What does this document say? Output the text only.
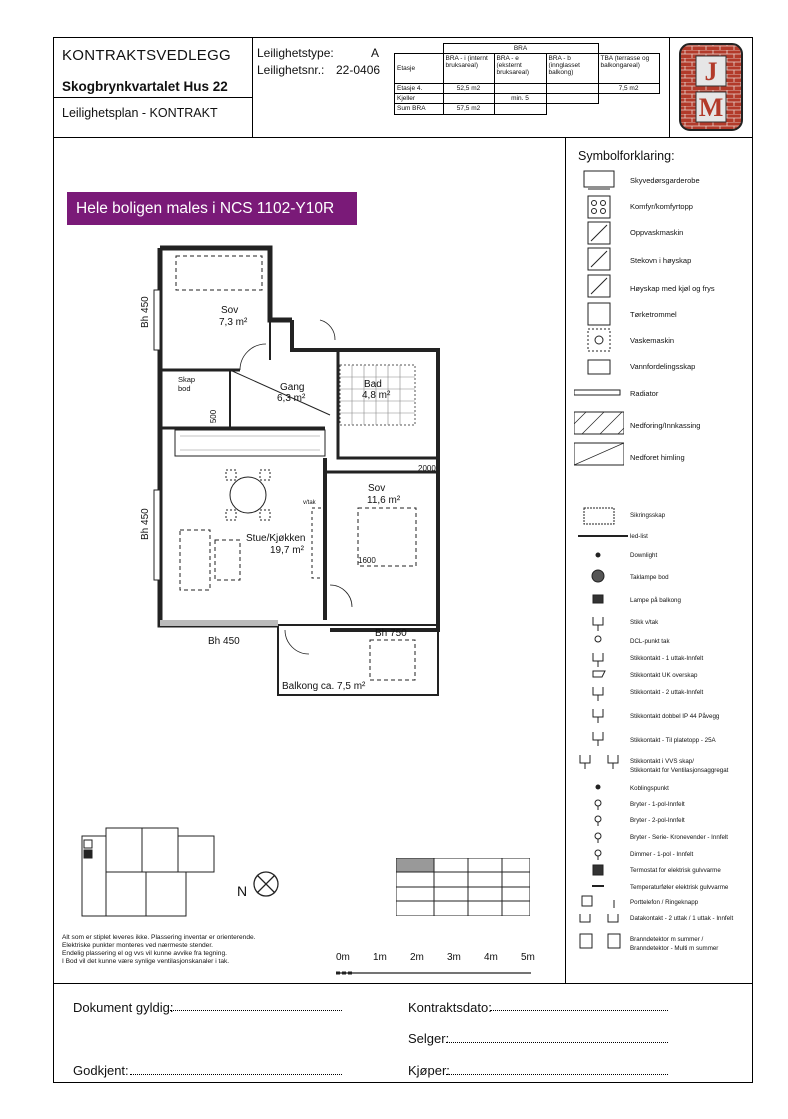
KONTRAKTSVEDLEGG
Skogbrynkvartalet Hus 22
Leilighetsplan - KONTRAKT
Leilighetstype:	A
Leilighetsnr.: 22-0406
	BRA			
Etasje	BRA - i (internt bruksareal)	BRA - e (eksternt bruksareal)	BRA - b (innglasset balkong)	TBA (terrasse og balkongareal)
Etasje 4.	52,5 m2			7,5 m2
Kjeller		min. 5		
Sum BRA	57,5 m2			
J
M
Hele boligen males i NCS 1102-Y10R
Sov
7,3 m²
Gang
6,3 m²
Bad
4,8 m²
Skap
bod
Sov
11,6 m²
Stue/Kjøkken
19,7 m²
Balkong ca. 7,5 m²
Bh 450
Bh 450
Bh 450
Bh 750
2000
1600
500
v/tak
Symbolforklaring:
Skyvedørsgarderobe
Komfyr/komfyrtopp
Oppvaskmaskin
Stekovn i høyskap
Høyskap med kjøl og frys
Tørketrommel
Vaskemaskin
Vannfordelingsskap
Radiator
Nedforing/Innkassing
Nedforet himling
Sikringsskap
led-list
Downlight
Taklampe bod
Lampe på balkong
Stikk v/tak
DCL-punkt tak
Stikkontakt - 1 uttak-Innfelt
Stikkontakt UK overskap
Stikkontakt - 2 uttak-Innfelt
Stikkontakt dobbel IP 44 Påvegg
Stikkontakt - Til platetopp - 25A
Stikkontakt i VVS skap/
Stikkontakt for Ventilasjonsaggregat
Koblingspunkt
Bryter - 1-pol-Innfelt
Bryter - 2-pol-Innfelt
Bryter - Serie- Kronevender - Innfelt
Dimmer - 1-pol - Innfelt
Termostat for elektrisk gulvvarme
Temperaturføler elektrisk gulvvarme
Porttelefon / Ringeknapp
Datakontakt - 2 uttak / 1 uttak - Innfelt
Branndetektor m summer /
Branndetektor - Multi m summer
N
Alt som er stiplet leveres ikke. Plassering inventar er orienterende.
Elektriske punkter monteres ved nærmeste stender.
Endelig plassering el og vvs vil kunne avvike fra tegning.
I Bod vil det kunne være synlige ventilasjonskanaler i tak.	0m 1m 2m 3m 4m 5m
Dokument gyldig:	Kontraktsdato:
Selger:
Godkjent:	Kjøper:
